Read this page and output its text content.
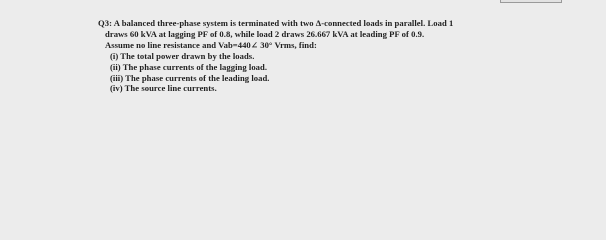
Q3: A balanced three-phase system is terminated with two Δ-connected loads in parallel. Load 1
draws 60 kVA at lagging PF of 0.8, while load 2 draws 26.667 kVA at leading PF of 0.9.
Assume no line resistance and Vab=440∠ 30° Vrms, find:
(i) The total power drawn by the loads.
(ii) The phase currents of the lagging load.
(iii) The phase currents of the leading load.
(iv) The source line currents.
